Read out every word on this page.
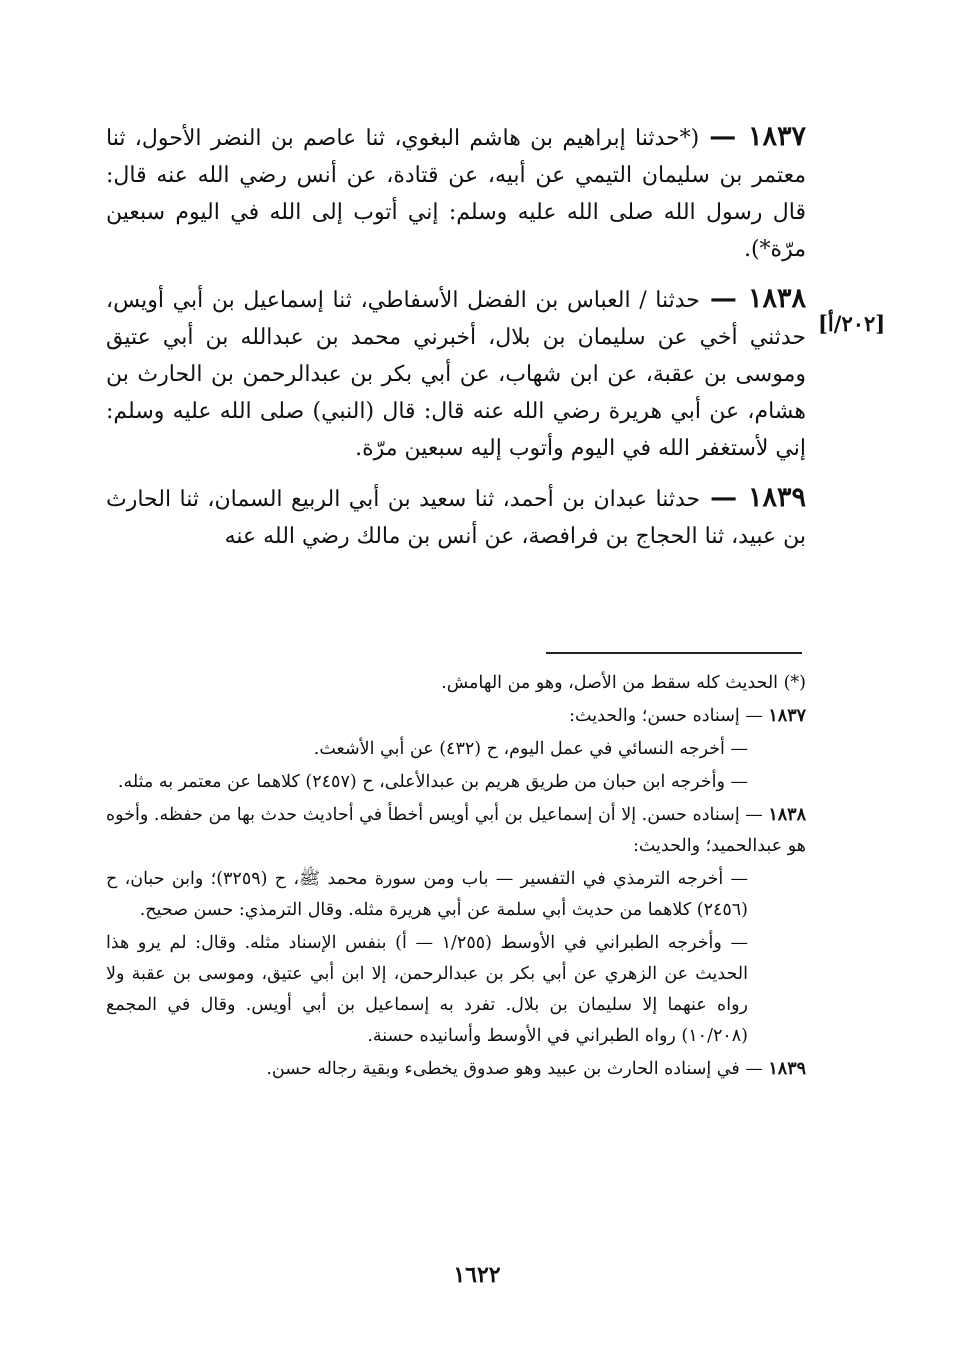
١٨٣٧ —(*حدثنا إبراهيم بن هاشم البغوي، ثنا عاصم بن النضر الأحول، ثنا معتمر بن سليمان التيمي عن أبيه، عن قتادة، عن أنس رضي الله عنه قال: قال رسول الله صلى الله عليه وسلم: إني أتوب إلى الله في اليوم سبعين مرّة*).

١٨٣٨ —حدثنا / العباس بن الفضل الأسفاطي، ثنا إسماعيل بن أبي أويس، حدثني أخي عن سليمان بن بلال، أخبرني محمد بن عبدالله بن أبي عتيق وموسى بن عقبة، عن ابن شهاب، عن أبي بكر بن عبدالرحمن بن الحارث بن هشام، عن أبي هريرة رضي الله عنه قال: قال (النبي) صلى الله عليه وسلم: إني لأستغفر الله في اليوم وأتوب إليه سبعين مرّة.

١٨٣٩ —حدثنا عبدان بن أحمد، ثنا سعيد بن أبي الربيع السمان، ثنا الحارث بن عبيد، ثنا الحجاج بن فرافصة، عن أنس بن مالك رضي الله عنه

[٢٠٢/أ]

(*) الحديث كله سقط من الأصل، وهو من الهامش.

١٨٣٧ — إسناده حسن؛ والحديث:

— أخرجه النسائي في عمل اليوم، ح (٤٣٢) عن أبي الأشعث.

— وأخرجه ابن حبان من طريق هريم بن عبدالأعلى، ح (٢٤٥٧) كلاهما عن معتمر به مثله.

١٨٣٨ — إسناده حسن. إلا أن إسماعيل بن أبي أويس أخطأ في أحاديث حدث بها من حفظه. وأخوه هو عبدالحميد؛ والحديث:

— أخرجه الترمذي في التفسير — باب ومن سورة محمد ﷺ، ح (٣٢٥٩)؛ وابن حبان، ح (٢٤٥٦) كلاهما من حديث أبي سلمة عن أبي هريرة مثله. وقال الترمذي: حسن صحيح.

— وأخرجه الطبراني في الأوسط (١/٢٥٥ — أ) بنفس الإسناد مثله. وقال: لم يرو هذا الحديث عن الزهري عن أبي بكر بن عبدالرحمن، إلا ابن أبي عتيق، وموسى بن عقبة ولا رواه عنهما إلا سليمان بن بلال. تفرد به إسماعيل بن أبي أويس. وقال في المجمع (١٠/٢٠٨) رواه الطبراني في الأوسط وأسانيده حسنة.

١٨٣٩ — في إسناده الحارث بن عبيد وهو صدوق يخطىء وبقية رجاله حسن.

١٦٢٢
